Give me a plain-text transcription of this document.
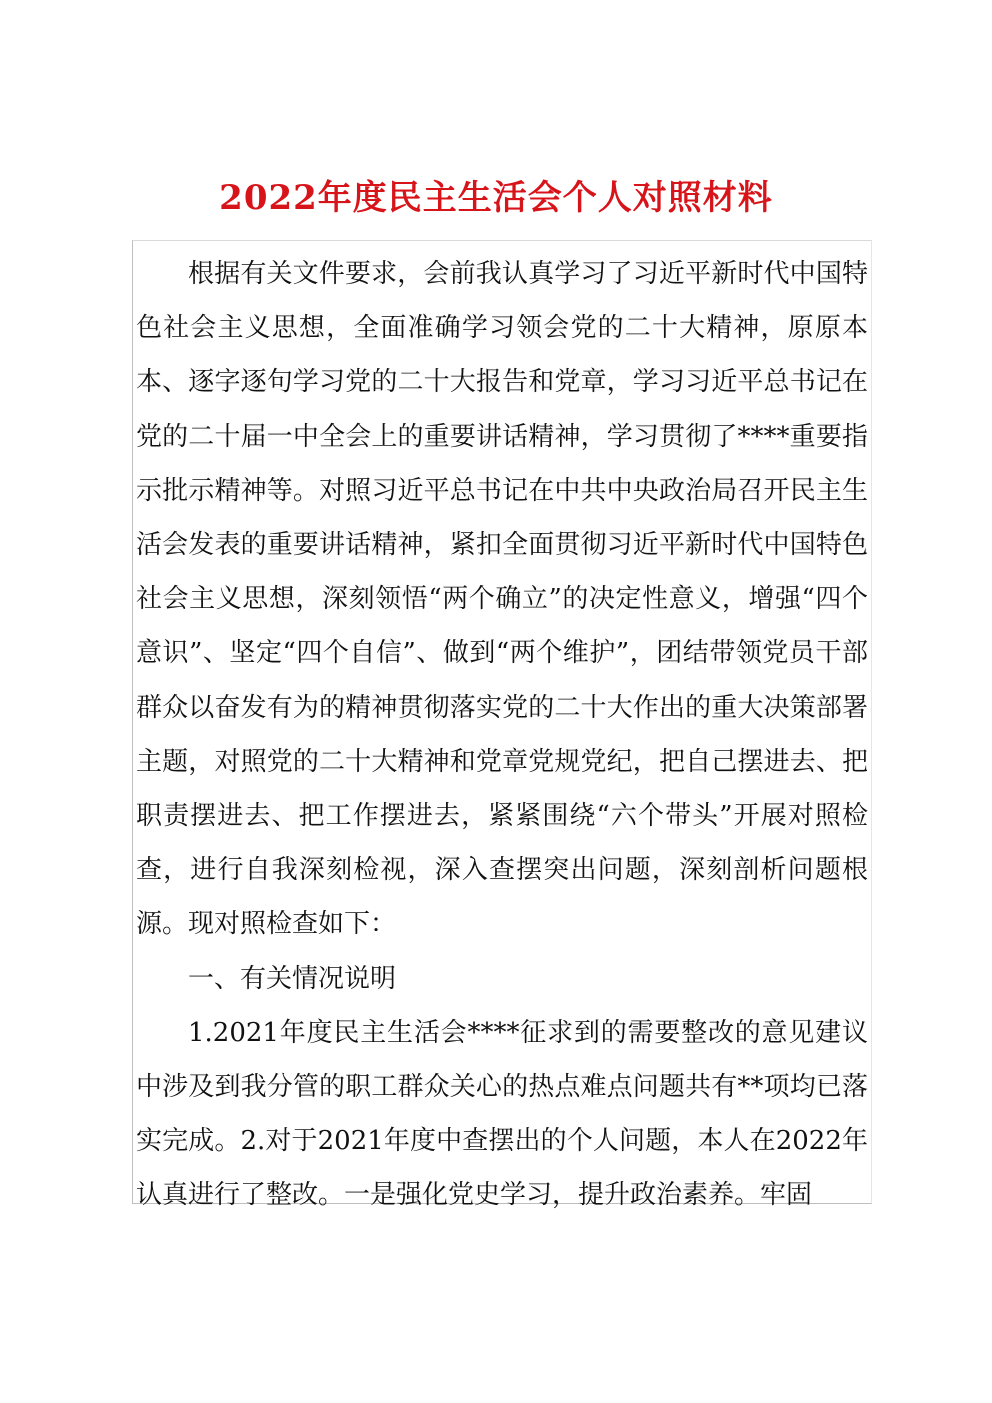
2022年度民主生活会个人对照材料

根据有关文件要求，会前我认真学习了习近平新时代中国特色社会主义思想，全面准确学习领会党的二十大精神，原原本本、逐字逐句学习党的二十大报告和党章，学习习近平总书记在党的二十届一中全会上的重要讲话精神，学习贯彻了****重要指示批示精神等。对照习近平总书记在中共中央政治局召开民主生活会发表的重要讲话精神，紧扣全面贯彻习近平新时代中国特色社会主义思想，深刻领悟“两个确立”的决定性意义，增强“四个意识”、坚定“四个自信”、做到“两个维护”，团结带领党员干部群众以奋发有为的精神贯彻落实党的二十大作出的重大决策部署主题，对照党的二十大精神和党章党规党纪，把自己摆进去、把职责摆进去、把工作摆进去，紧紧围绕“六个带头”开展对照检查，进行自我深刻检视，深入查摆突出问题，深刻剖析问题根源。现对照检查如下：

一、有关情况说明

1.2021年度民主生活会****征求到的需要整改的意见建议中涉及到我分管的职工群众关心的热点难点问题共有**项均已落实完成。2.对于2021年度中查摆出的个人问题，本人在2022年认真进行了整改。一是强化党史学习，提升政治素养。牢固
